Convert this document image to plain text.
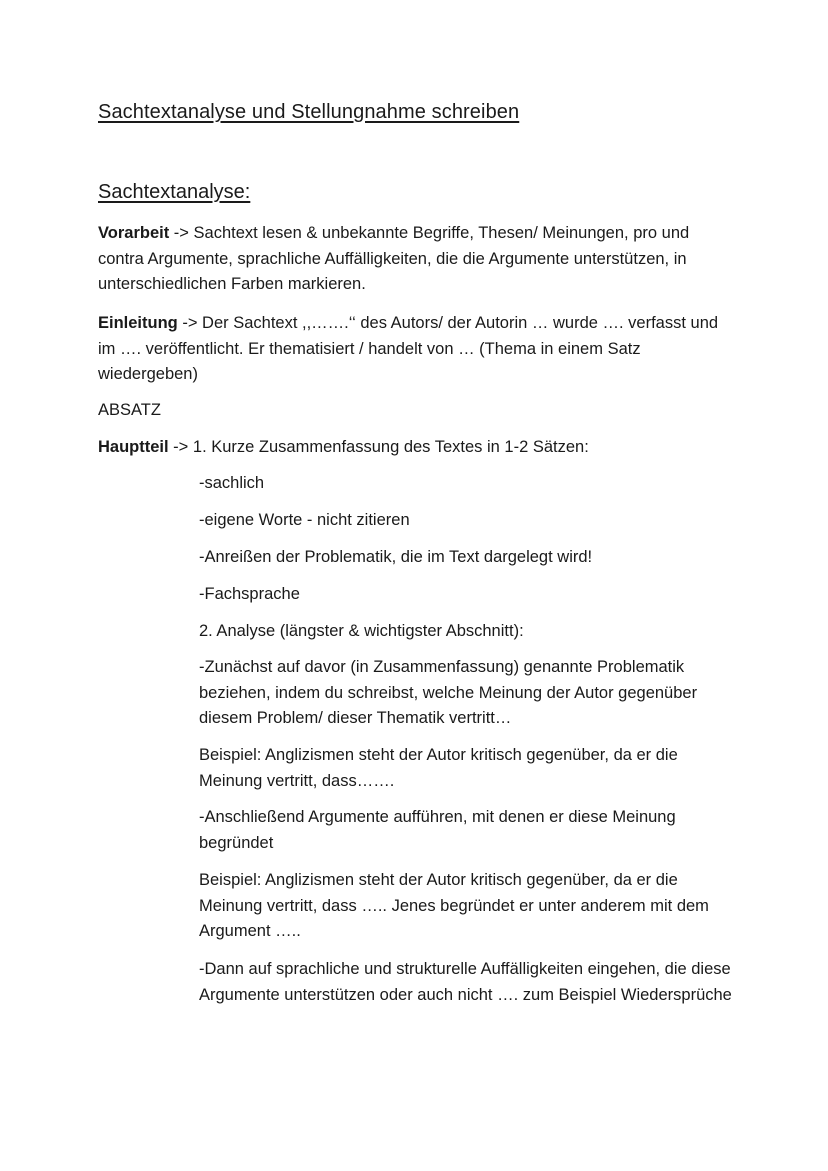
Sachtextanalyse und Stellungnahme schreiben
Sachtextanalyse:
Vorarbeit -> Sachtext lesen & unbekannte Begriffe, Thesen/ Meinungen, pro und contra Argumente, sprachliche Auffälligkeiten, die die Argumente unterstützen, in unterschiedlichen Farben markieren.
Einleitung -> Der Sachtext ,,…….‘‘ des Autors/ der Autorin … wurde …. verfasst und im …. veröffentlicht. Er thematisiert / handelt von … (Thema in einem Satz wiedergeben)
ABSATZ
Hauptteil -> 1. Kurze Zusammenfassung des Textes in 1-2 Sätzen:
-sachlich
-eigene Worte - nicht zitieren
-Anreißen der Problematik, die im Text dargelegt wird!
-Fachsprache
2. Analyse (längster & wichtigster Abschnitt):
-Zunächst auf davor (in Zusammenfassung) genannte Problematik beziehen, indem du schreibst, welche Meinung der Autor gegenüber diesem Problem/ dieser Thematik vertritt…
Beispiel: Anglizismen steht der Autor kritisch gegenüber, da er die Meinung vertritt, dass…….
-Anschließend Argumente aufführen, mit denen er diese Meinung begründet
Beispiel: Anglizismen steht der Autor kritisch gegenüber, da er die Meinung vertritt, dass ….. Jenes begründet er unter anderem mit dem Argument …..
-Dann auf sprachliche und strukturelle Auffälligkeiten eingehen, die diese Argumente unterstützen oder auch nicht …. zum Beispiel Wiedersprüche
